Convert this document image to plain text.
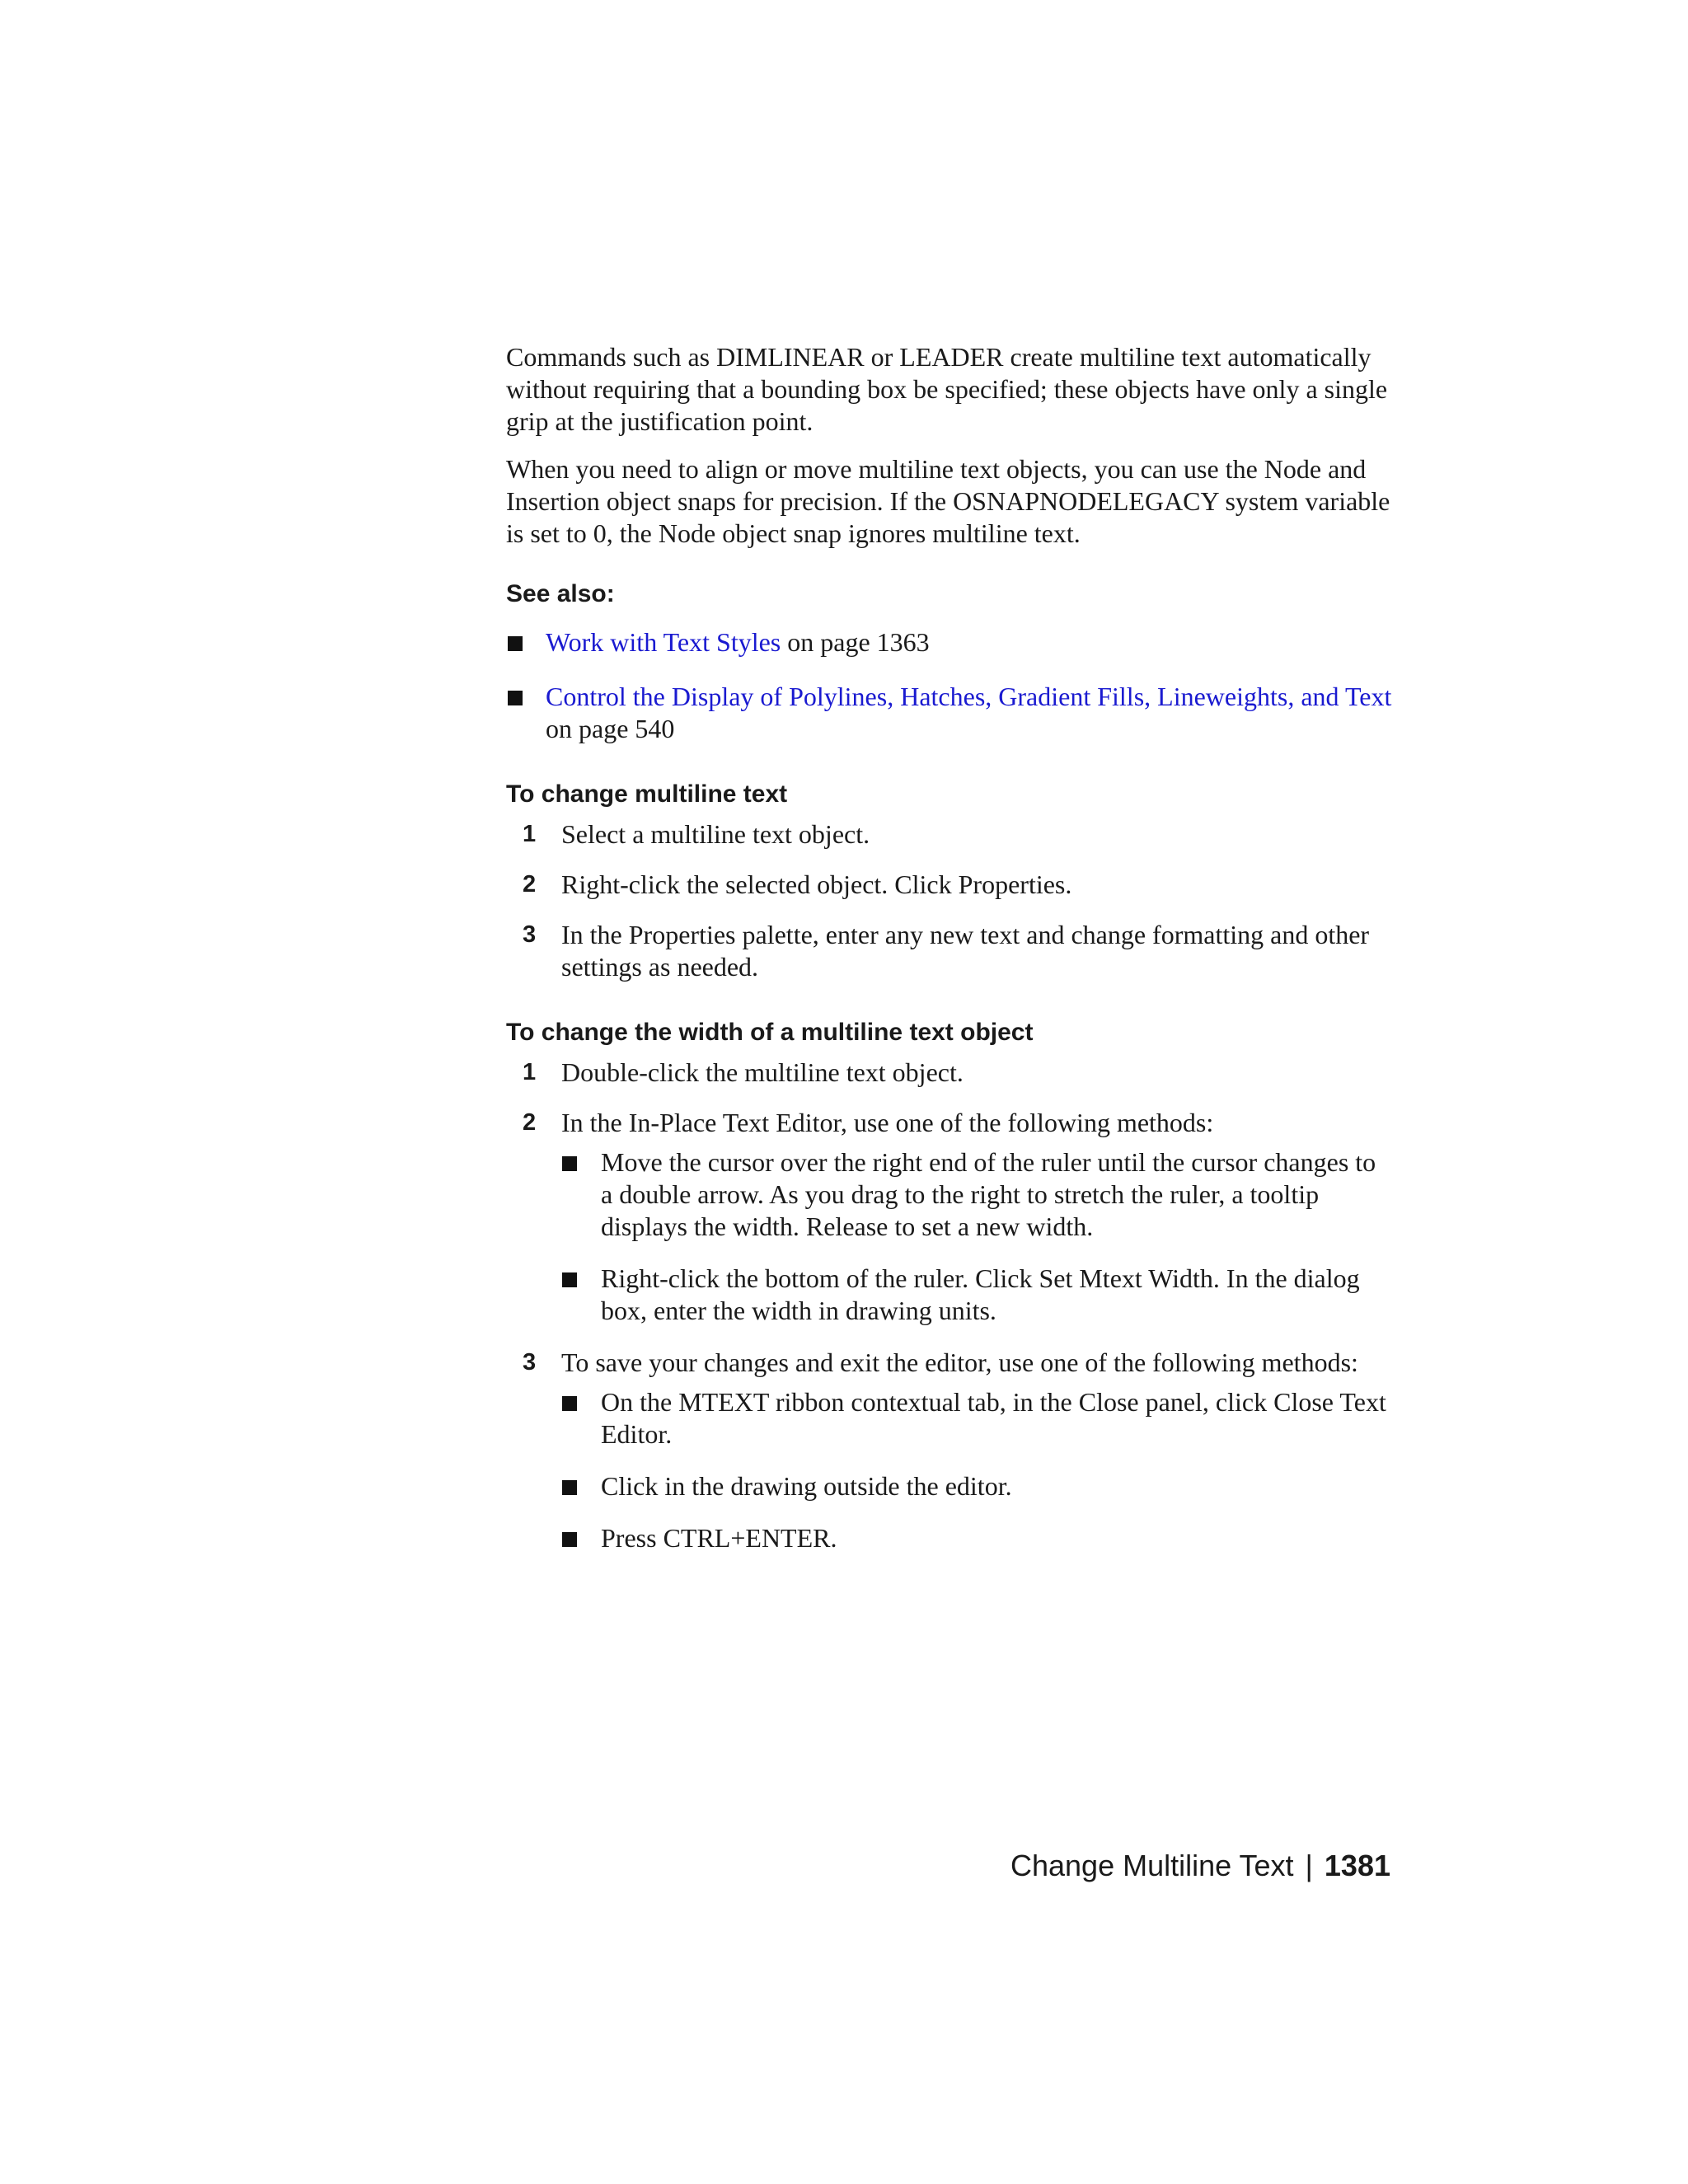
Commands such as DIMLINEAR or LEADER create multiline text automatically without requiring that a bounding box be specified; these objects have only a single grip at the justification point.

When you need to align or move multiline text objects, you can use the Node and Insertion object snaps for precision. If the OSNAPNODELEGACY system variable is set to 0, the Node object snap ignores multiline text.

See also:
Work with Text Styles on page 1363
Control the Display of Polylines, Hatches, Gradient Fills, Lineweights, and Text on page 540
To change multiline text
1 Select a multiline text object.
2 Right-click the selected object. Click Properties.
3 In the Properties palette, enter any new text and change formatting and other settings as needed.
To change the width of a multiline text object
1 Double-click the multiline text object.
2 In the In-Place Text Editor, use one of the following methods:
Move the cursor over the right end of the ruler until the cursor changes to a double arrow. As you drag to the right to stretch the ruler, a tooltip displays the width. Release to set a new width.
Right-click the bottom of the ruler. Click Set Mtext Width. In the dialog box, enter the width in drawing units.
3 To save your changes and exit the editor, use one of the following methods:
On the MTEXT ribbon contextual tab, in the Close panel, click Close Text Editor.
Click in the drawing outside the editor.
Press CTRL+ENTER.
Change Multiline Text | 1381
